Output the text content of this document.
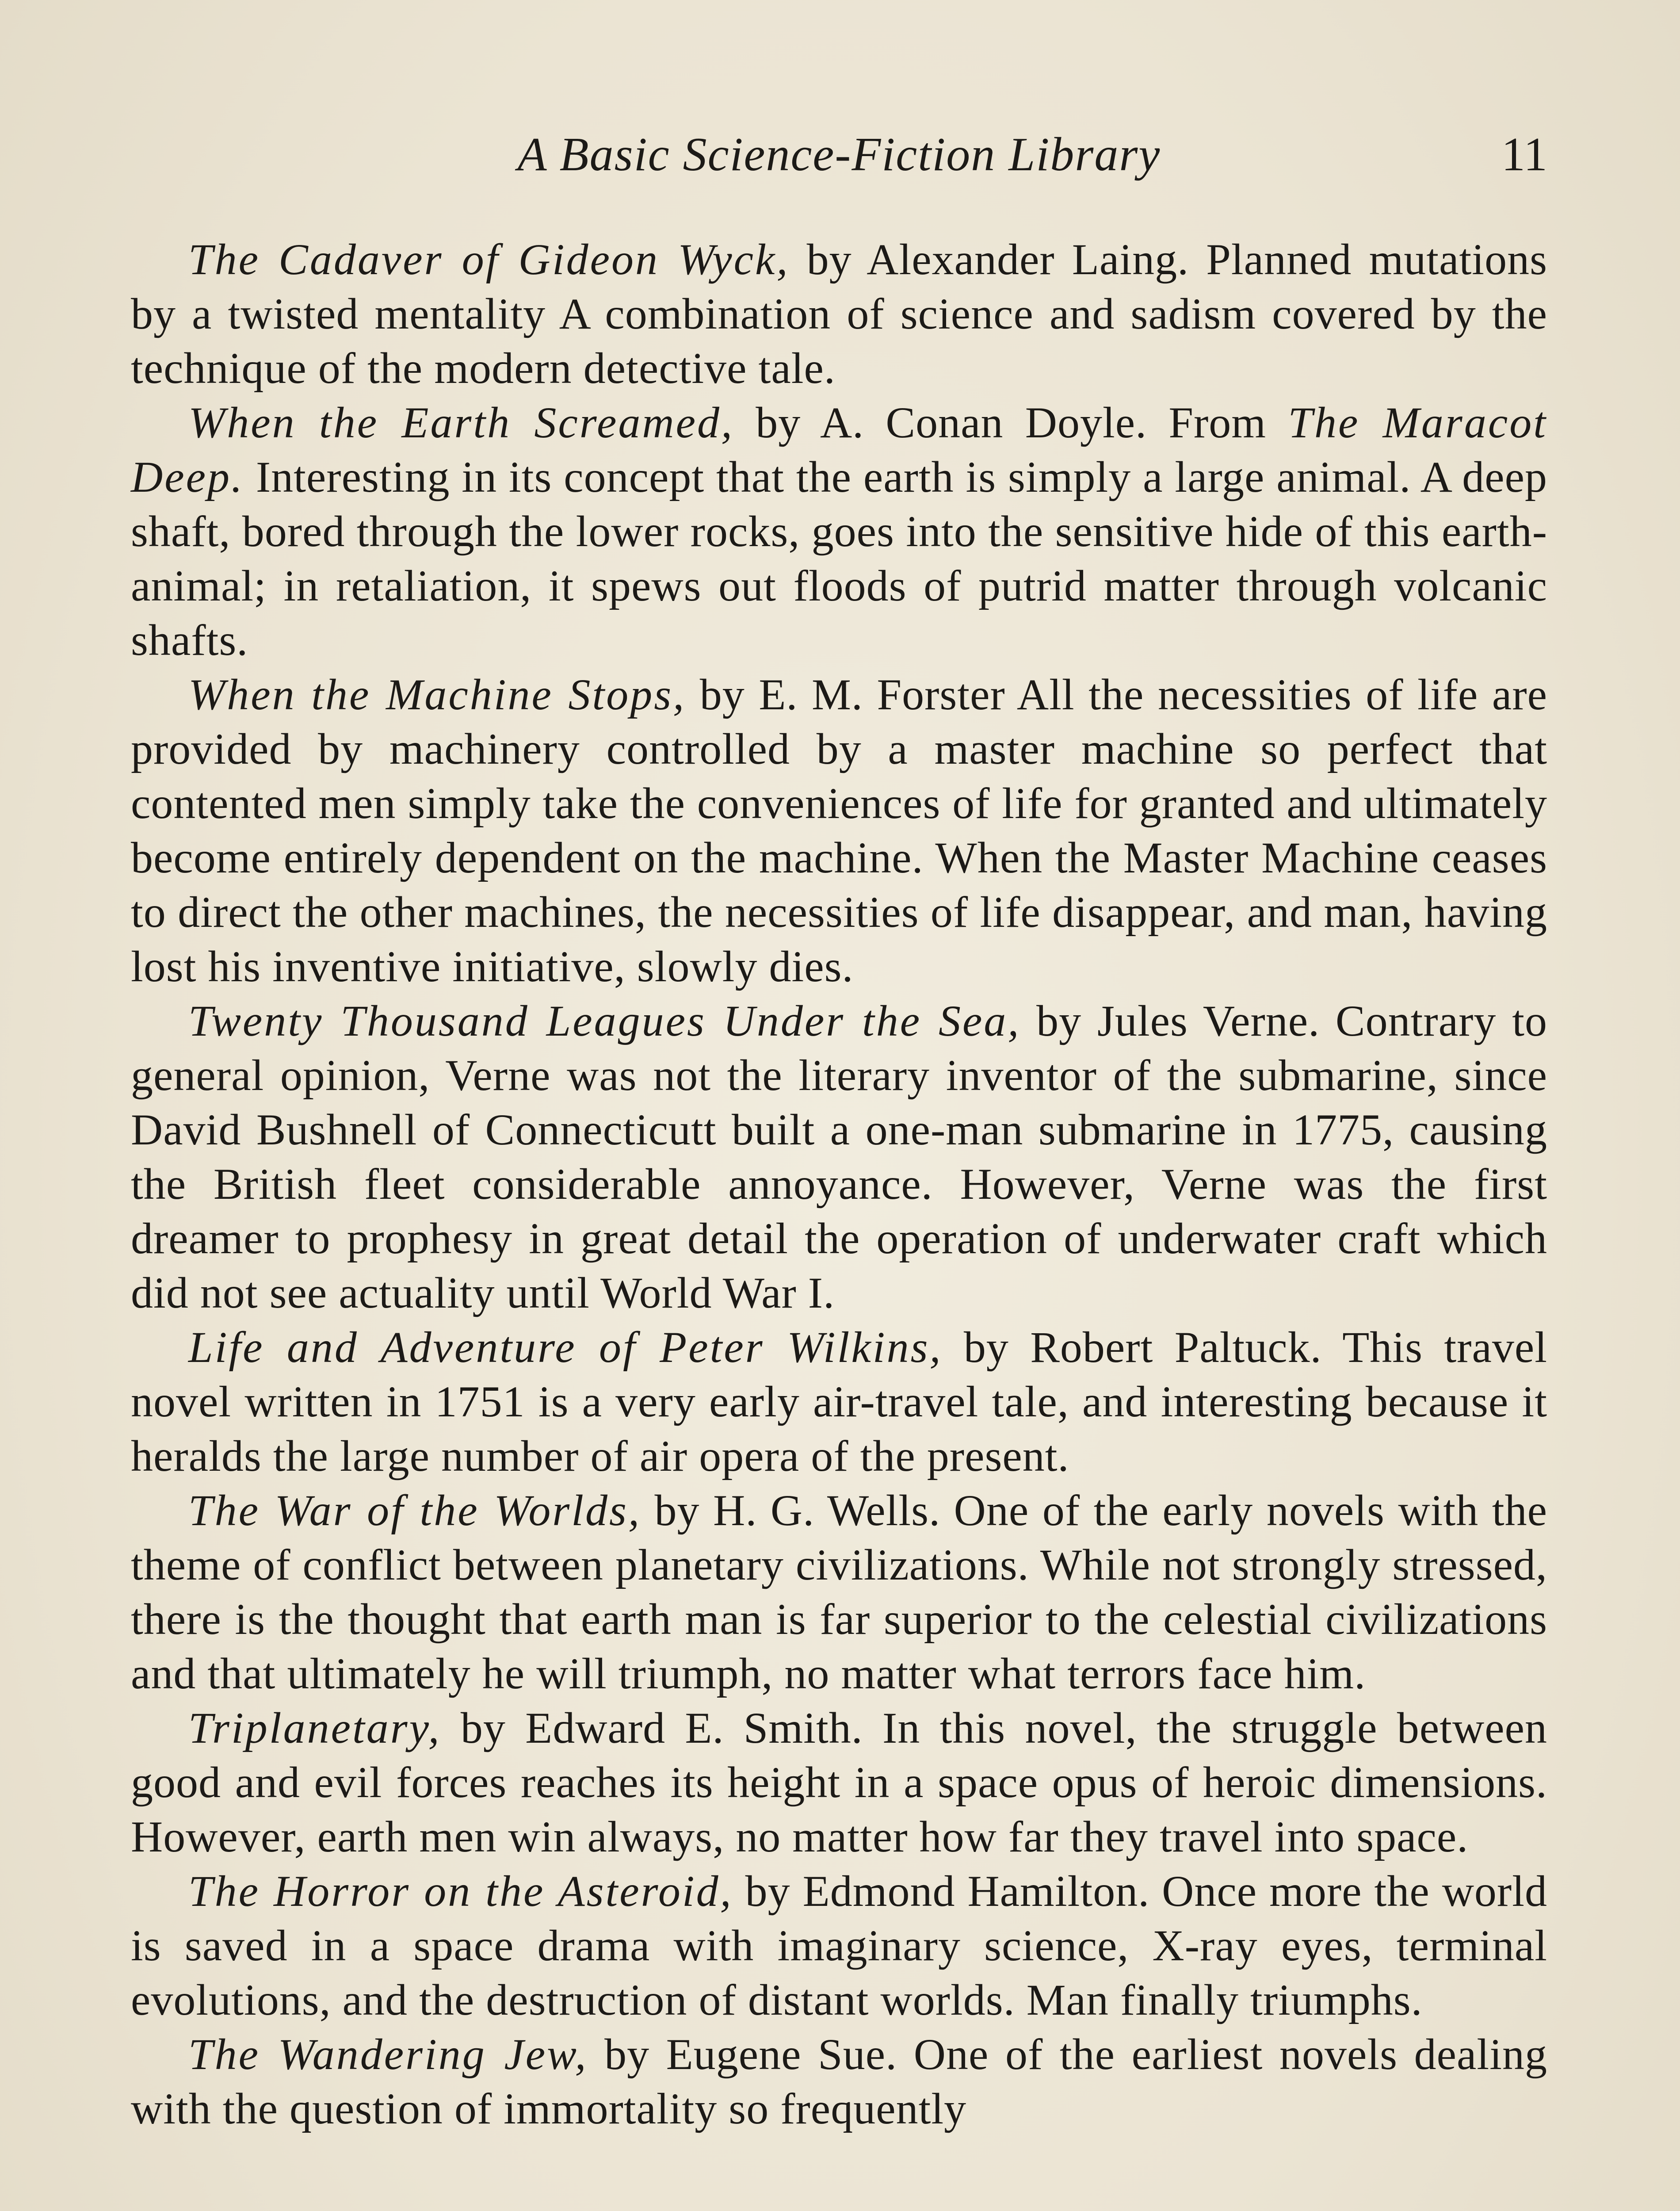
A Basic Science-Fiction Library	11

The Cadaver of Gideon Wyck, by Alexander Laing. Planned mutations by a twisted mentality A combination of science and sadism covered by the technique of the modern detective tale.

When the Earth Screamed, by A. Conan Doyle. From The Maracot Deep. Interesting in its concept that the earth is simply a large animal. A deep shaft, bored through the lower rocks, goes into the sensitive hide of this earth-animal; in retaliation, it spews out floods of putrid matter through volcanic shafts.

When the Machine Stops, by E. M. Forster All the necessities of life are provided by machinery controlled by a master machine so perfect that contented men simply take the conveniences of life for granted and ultimately become entirely dependent on the machine. When the Master Machine ceases to direct the other machines, the necessities of life disappear, and man, having lost his inventive initiative, slowly dies.

Twenty Thousand Leagues Under the Sea, by Jules Verne. Contrary to general opinion, Verne was not the literary inventor of the submarine, since David Bushnell of Connecticutt built a one-man submarine in 1775, causing the British fleet considerable annoyance. However, Verne was the first dreamer to prophesy in great detail the operation of underwater craft which did not see actuality until World War I.

Life and Adventure of Peter Wilkins, by Robert Paltuck. This travel novel written in 1751 is a very early air-travel tale, and interesting because it heralds the large number of air opera of the present.

The War of the Worlds, by H. G. Wells. One of the early novels with the theme of conflict between planetary civilizations. While not strongly stressed, there is the thought that earth man is far superior to the celestial civilizations and that ultimately he will triumph, no matter what terrors face him.

Triplanetary, by Edward E. Smith. In this novel, the struggle between good and evil forces reaches its height in a space opus of heroic dimensions. However, earth men win always, no matter how far they travel into space.

The Horror on the Asteroid, by Edmond Hamilton. Once more the world is saved in a space drama with imaginary science, X-ray eyes, terminal evolutions, and the destruction of distant worlds. Man finally triumphs.

The Wandering Jew, by Eugene Sue. One of the earliest novels dealing with the question of immortality so frequently
